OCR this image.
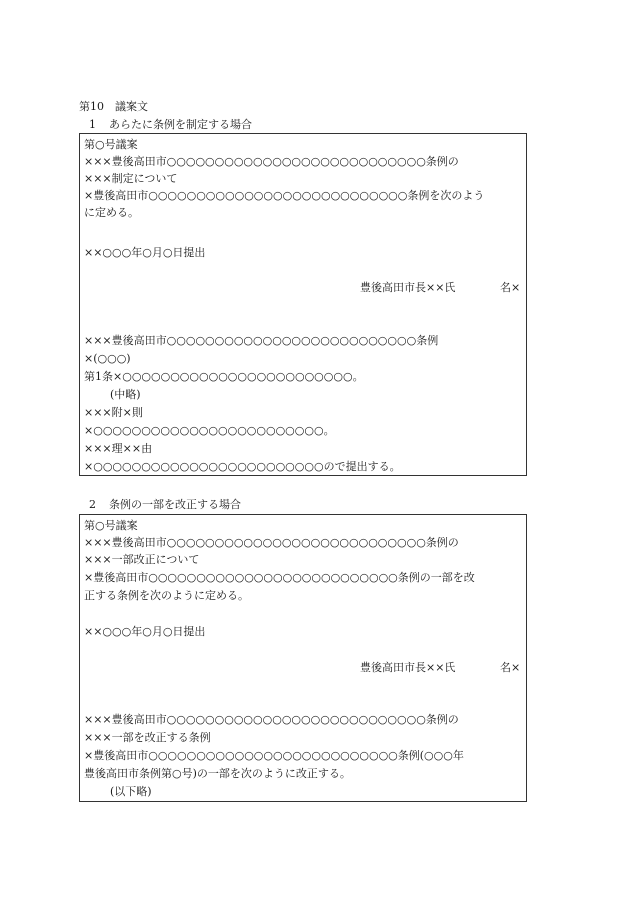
第10　議案文
1 あらたに条例を制定する場合
第○号議案
×××豊後高田市○○○○○○○○○○○○○○○○○○○○○○○○○○○条例の
×××制定について
×豊後高田市○○○○○○○○○○○○○○○○○○○○○○○○○○○条例を次のよう
に定める。
××○○○年○月○日提出
豊後高田市長××氏	名×
×××豊後高田市○○○○○○○○○○○○○○○○○○○○○○○○○○条例
×(○○○)
第1条×○○○○○○○○○○○○○○○○○○○○○○○○。
(中略)
×××附×則
×○○○○○○○○○○○○○○○○○○○○○○○○。
×××理××由
×○○○○○○○○○○○○○○○○○○○○○○○○ので提出する。
2 条例の一部を改正する場合
第○号議案
×××豊後高田市○○○○○○○○○○○○○○○○○○○○○○○○○○○条例の
×××一部改正について
×豊後高田市○○○○○○○○○○○○○○○○○○○○○○○○○○条例の一部を改
正する条例を次のように定める。
××○○○年○月○日提出
豊後高田市長××氏	名×
×××豊後高田市○○○○○○○○○○○○○○○○○○○○○○○○○○○条例の
×××一部を改正する条例
×豊後高田市○○○○○○○○○○○○○○○○○○○○○○○○○○条例(○○○年
豊後高田市条例第○号)の一部を次のように改正する。
(以下略)
